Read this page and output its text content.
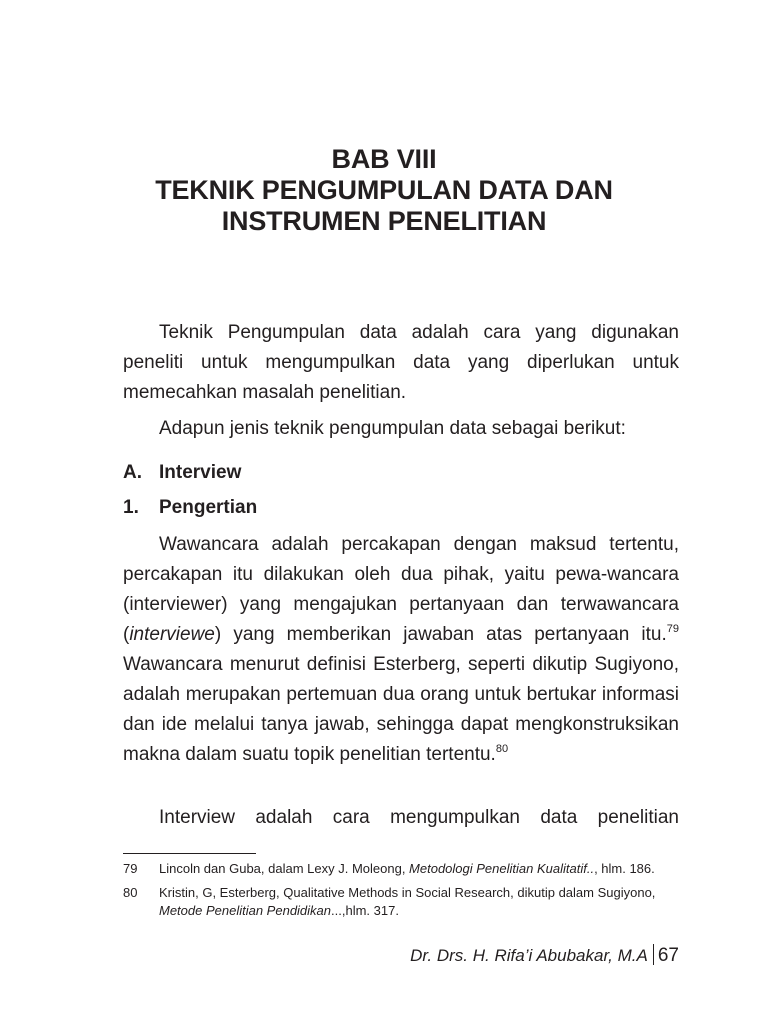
BAB VIII
TEKNIK PENGUMPULAN DATA DAN
INSTRUMEN PENELITIAN

Teknik Pengumpulan data adalah cara yang digunakan peneliti untuk mengumpulkan data yang diperlukan untuk memecahkan masalah penelitian.

Adapun jenis teknik pengumpulan data sebagai berikut:

A. Interview
1. Pengertian

Wawancara adalah percakapan dengan maksud tertentu, percakapan itu dilakukan oleh dua pihak, yaitu pewa-wancara (interviewer) yang mengajukan pertanyaan dan terwawancara (interviewe) yang memberikan jawaban atas pertanyaan itu.$^{79}$ Wawancara menurut definisi Esterberg, seperti dikutip Sugiyono, adalah merupakan pertemuan dua orang untuk bertukar informasi dan ide melalui tanya jawab, sehingga dapat mengkonstruksikan makna dalam suatu topik penelitian tertentu.$^{80}$

Interview adalah cara mengumpulkan data penelitian

79	Lincoln dan Guba, dalam Lexy J. Moleong, Metodologi Penelitian Kualitatif.., hlm. 186.
80	Kristin, G, Esterberg, Qualitative Methods in Social Research, dikutip dalam Sugiyono, Metode Penelitian Pendidikan...,hlm. 317.
Dr. Drs. H. Rifa’i Abubakar, M.A 67
